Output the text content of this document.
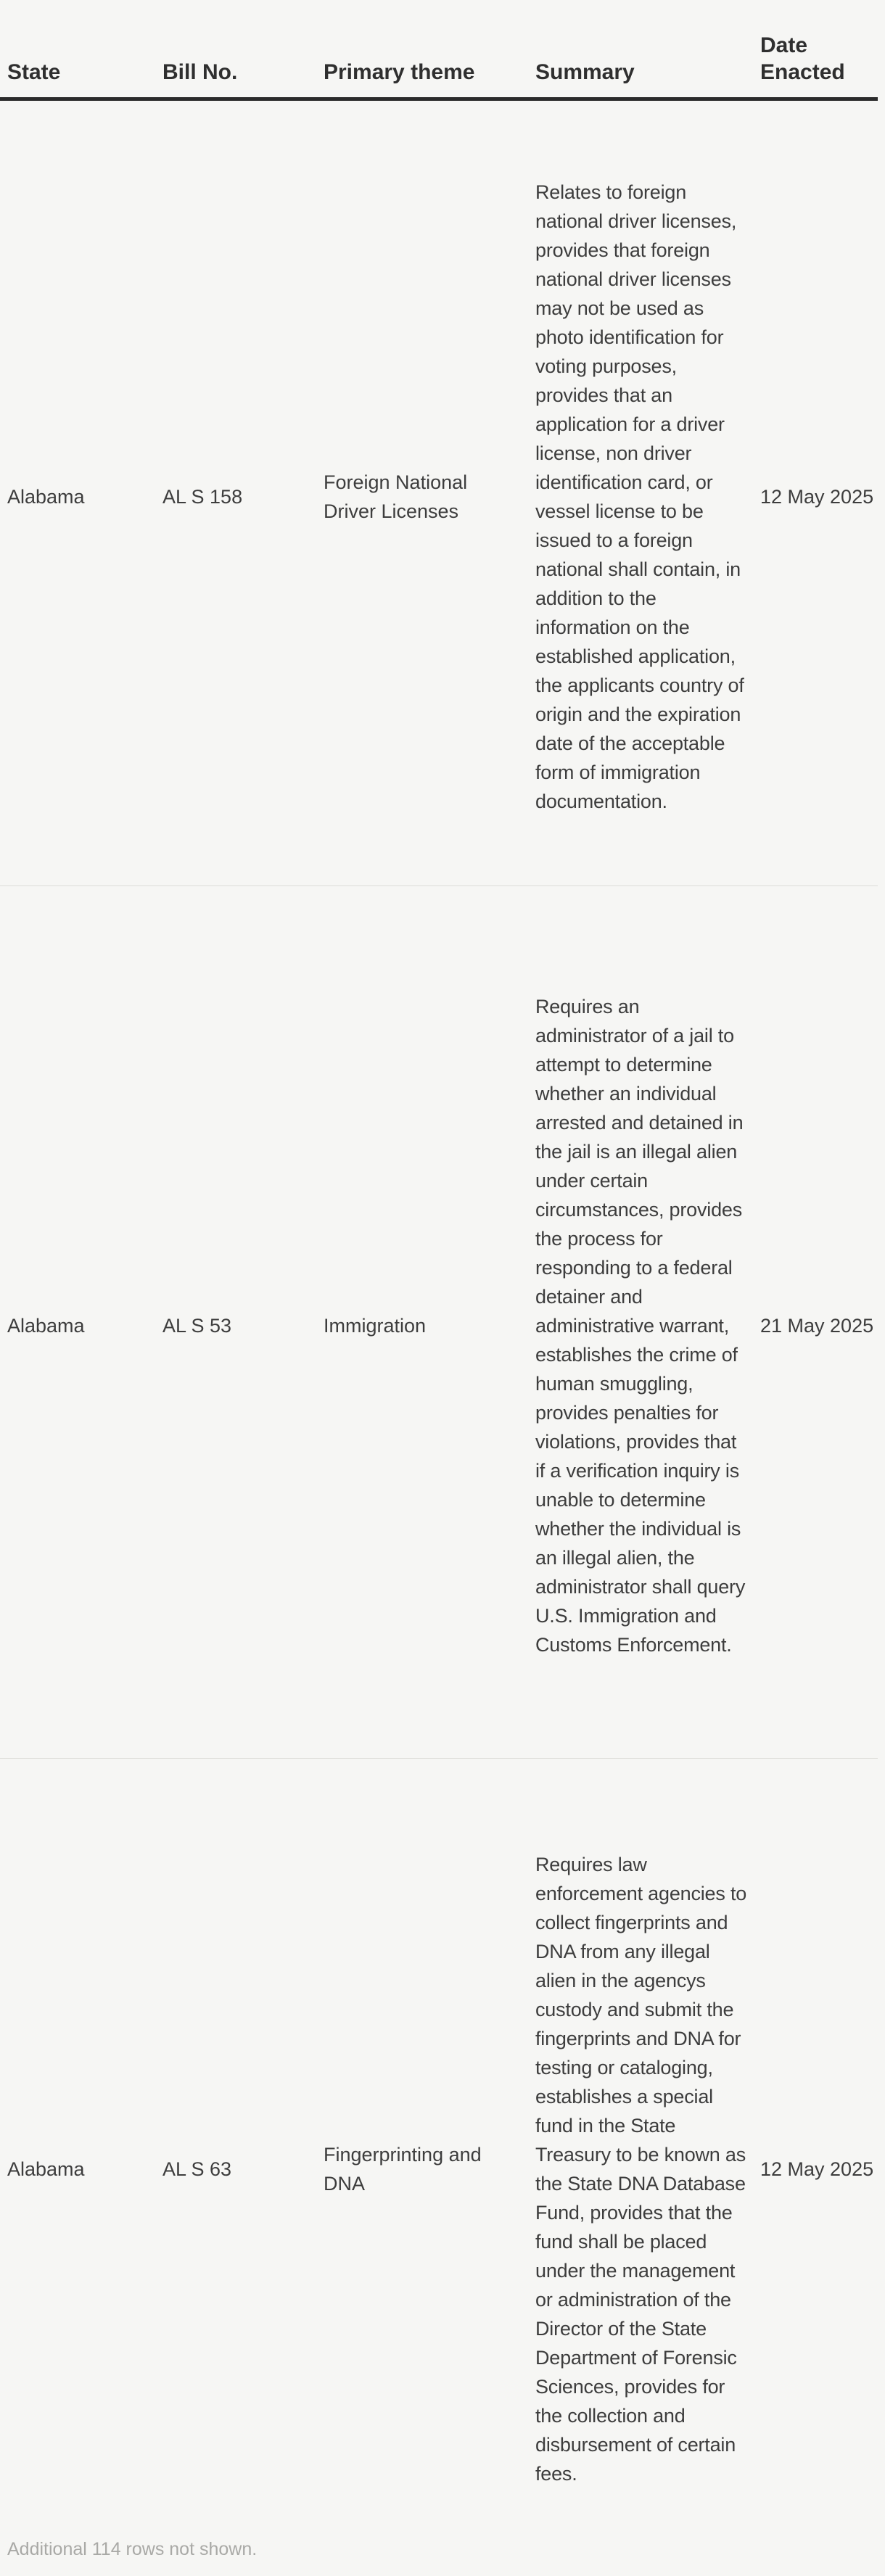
State	Bill No.	Primary theme	Summary	Date Enacted
Alabama	AL S 158	Foreign National Driver Licenses	Relates to foreign national driver licenses, provides that foreign national driver licenses may not be used as photo identification for voting purposes, provides that an application for a driver license, non driver identification card, or vessel license to be issued to a foreign national shall contain, in addition to the information on the established application, the applicants country of origin and the expiration date of the acceptable form of immigration documentation.	12 May 2025
Alabama	AL S 53	Immigration	Requires an administrator of a jail to attempt to determine whether an individual arrested and detained in the jail is an illegal alien under certain circumstances, provides the process for responding to a federal detainer and administrative warrant, establishes the crime of human smuggling, provides penalties for violations, provides that if a verification inquiry is unable to determine whether the individual is an illegal alien, the administrator shall query U.S. Immigration and Customs Enforcement.	21 May 2025
Alabama	AL S 63	Fingerprinting and DNA	Requires law enforcement agencies to collect fingerprints and DNA from any illegal alien in the agencys custody and submit the fingerprints and DNA for testing or cataloging, establishes a special fund in the State Treasury to be known as the State DNA Database Fund, provides that the fund shall be placed under the management or administration of the Director of the State Department of Forensic Sciences, provides for the collection and disbursement of certain fees.	12 May 2025
Additional 114 rows not shown.
